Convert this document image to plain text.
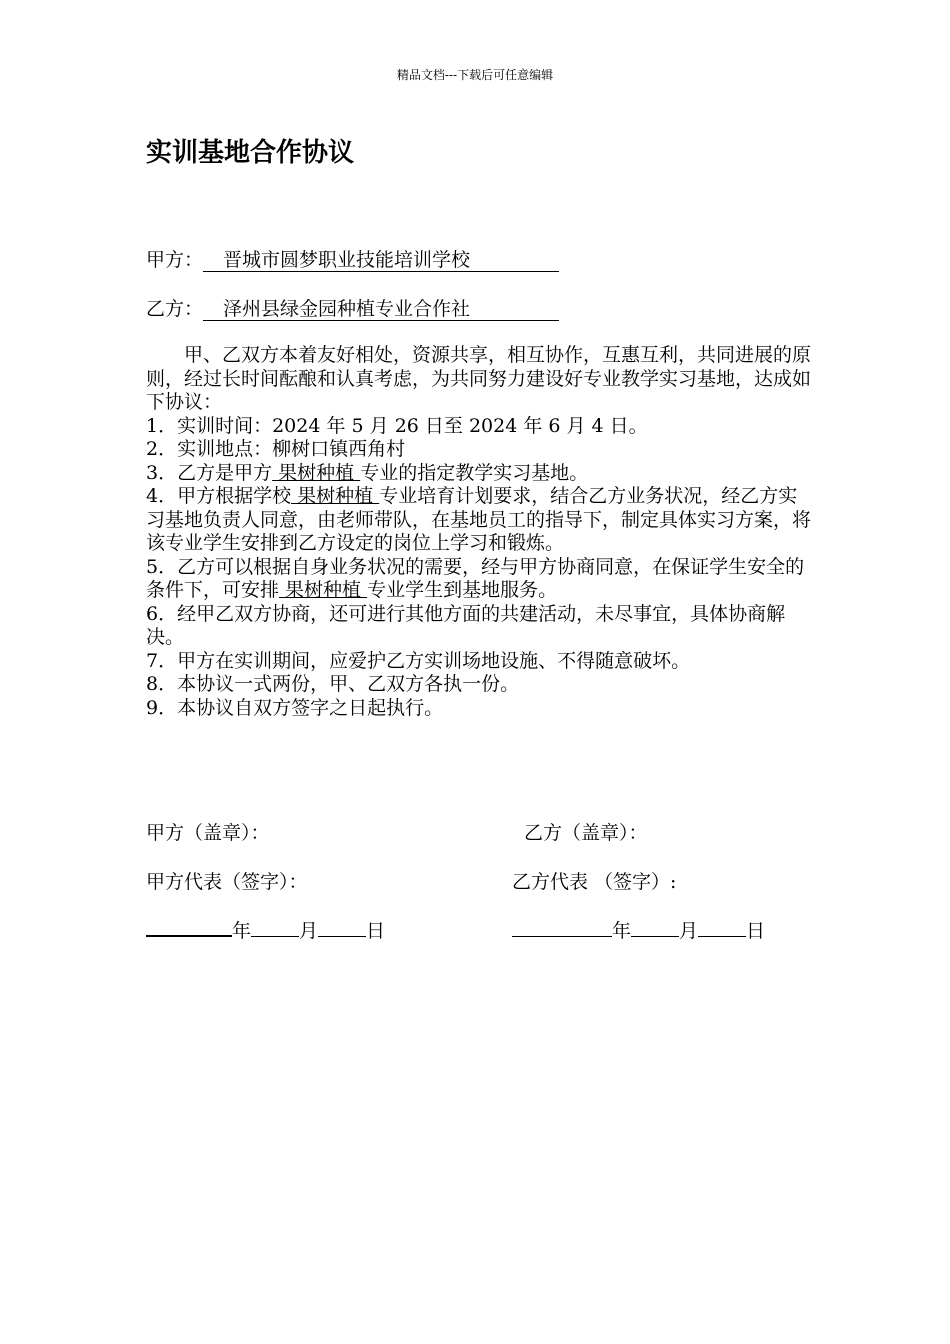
精品文档---下载后可任意编辑
实训基地合作协议
甲方： 晋城市圆梦职业技能培训学校
乙方： 泽州县绿金园种植专业合作社

甲、乙双方本着友好相处，资源共享，相互协作，互惠互利，共同进展的原则，经过长时间酝酿和认真考虑，为共同努力建设好专业教学实习基地，达成如下协议：

1．实训时间：2024 年 5 月 26 日至 2024 年 6 月 4 日。

2．实训地点：柳树口镇西角村

3．乙方是甲方 果树种植 专业的指定教学实习基地。

4．甲方根据学校 果树种植 专业培育计划要求，结合乙方业务状况，经乙方实习基地负责人同意，由老师带队，在基地员工的指导下，制定具体实习方案，将该专业学生安排到乙方设定的岗位上学习和锻炼。

5．乙方可以根据自身业务状况的需要，经与甲方协商同意，在保证学生安全的条件下，可安排 果树种植 专业学生到基地服务。

6．经甲乙双方协商，还可进行其他方面的共建活动，未尽事宜，具体协商解决。

7．甲方在实训期间，应爱护乙方实训场地设施、不得随意破坏。

8．本协议一式两份，甲、乙双方各执一份。

9．本协议自双方签字之日起执行。

甲方（盖章）：	乙方（盖章）：
甲方代表（签字）：	乙方代表 （签字）:
年	月	日	年	月	日
